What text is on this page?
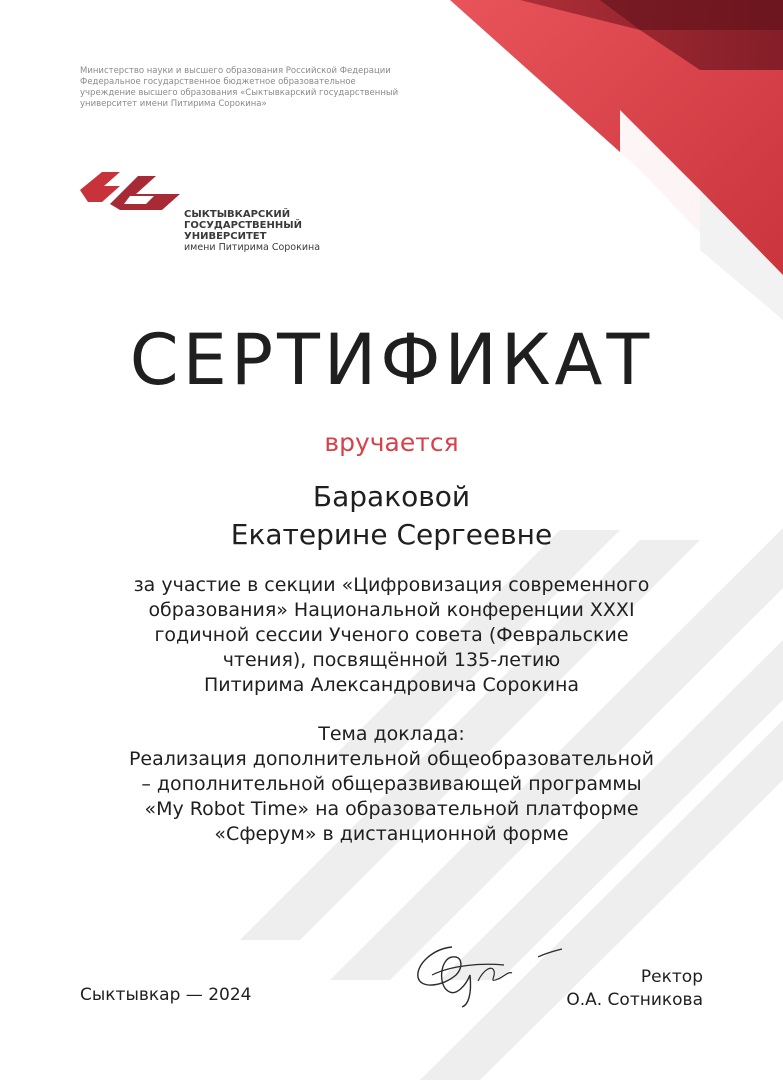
Министерство науки и высшего образования Российской Федерации
Федеральное государственное бюджетное образовательное
учреждение высшего образования «Сыктывкарский государственный
университет имени Питирима Сорокина»
СЫКТЫВКАРСКИЙ
ГОСУДАРСТВЕННЫЙ
УНИВЕРСИТЕТ
имени Питирима Сорокина
СЕРТИФИКАТ
вручается
Бараковой
Екатерине Сергеевне
за участие в секции «Цифровизация современного
образования» Национальной конференции XXXI
годичной сессии Ученого совета (Февральские
чтения), посвящённой 135-летию
Питирима Александровича Сорокина
Тема доклада:
Реализация дополнительной общеобразовательной
– дополнительной общеразвивающей программы
«My Robot Time» на образовательной платформе
«Сферум» в дистанционной форме
Сыктывкар — 2024
Ректор
О.А. Сотникова
